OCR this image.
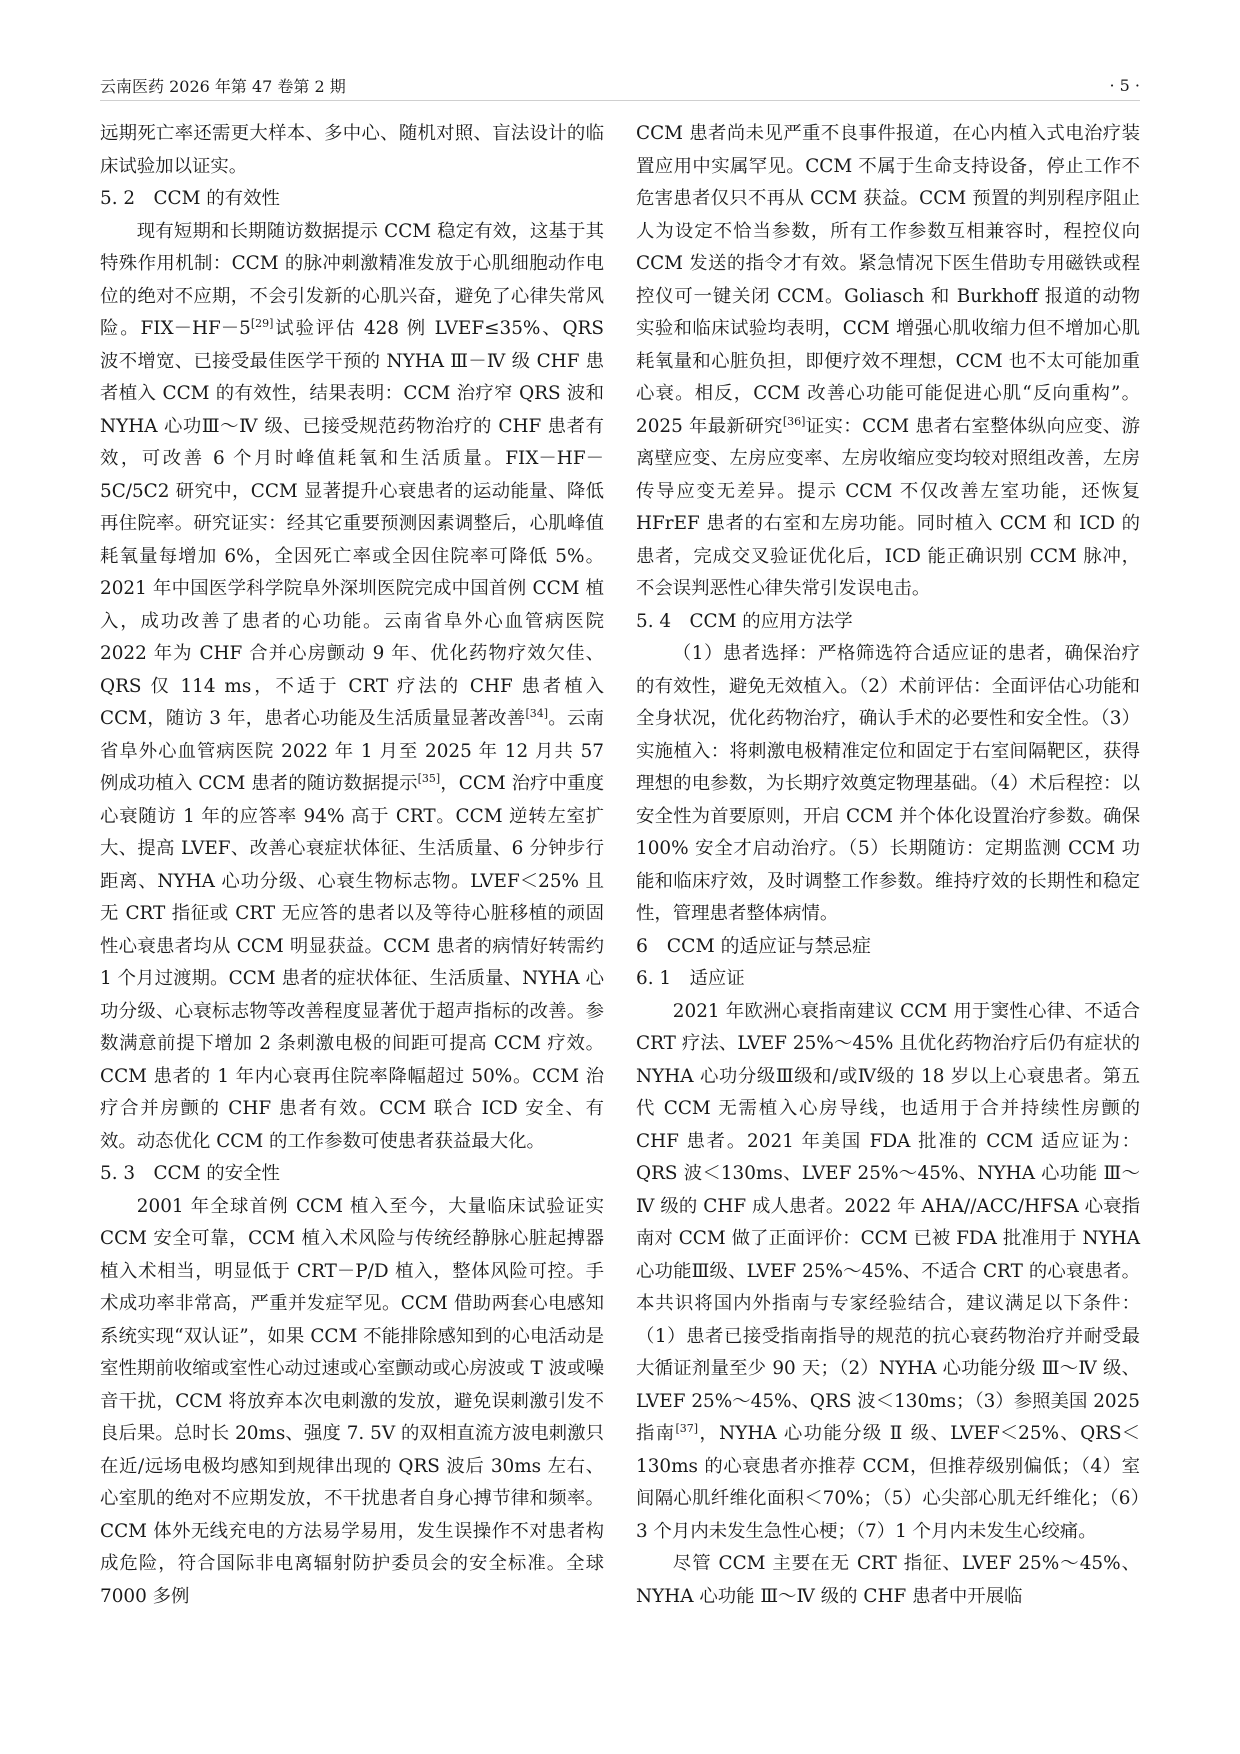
云南医药 2026 年第 47 卷第 2 期	· 5 ·

远期死亡率还需更大样本、多中心、随机对照、盲法设计的临床试验加以证实。

5. 2　CCM 的有效性

现有短期和长期随访数据提示 CCM 稳定有效，这基于其特殊作用机制：CCM 的脉冲刺激精准发放于心肌细胞动作电位的绝对不应期，不会引发新的心肌兴奋，避免了心律失常风险。FIX－HF－5[29]试验评估 428 例 LVEF≤35%、QRS 波不增宽、已接受最佳医学干预的 NYHA Ⅲ－Ⅳ 级 CHF 患者植入 CCM 的有效性，结果表明：CCM 治疗窄 QRS 波和 NYHA 心功Ⅲ～Ⅳ 级、已接受规范药物治疗的 CHF 患者有效，可改善 6 个月时峰值耗氧和生活质量。FIX－HF－5C/5C2 研究中，CCM 显著提升心衰患者的运动能量、降低再住院率。研究证实：经其它重要预测因素调整后，心肌峰值耗氧量每增加 6%，全因死亡率或全因住院率可降低 5%。2021 年中国医学科学院阜外深圳医院完成中国首例 CCM 植入，成功改善了患者的心功能。云南省阜外心血管病医院 2022 年为 CHF 合并心房颤动 9 年、优化药物疗效欠佳、QRS 仅 114 ms，不适于 CRT 疗法的 CHF 患者植入 CCM，随访 3 年，患者心功能及生活质量显著改善[34]。云南省阜外心血管病医院 2022 年 1 月至 2025 年 12 月共 57 例成功植入 CCM 患者的随访数据提示[35]，CCM 治疗中重度心衰随访 1 年的应答率 94% 高于 CRT。CCM 逆转左室扩大、提高 LVEF、改善心衰症状体征、生活质量、6 分钟步行距离、NYHA 心功分级、心衰生物标志物。LVEF＜25% 且无 CRT 指征或 CRT 无应答的患者以及等待心脏移植的顽固性心衰患者均从 CCM 明显获益。CCM 患者的病情好转需约 1 个月过渡期。CCM 患者的症状体征、生活质量、NYHA 心功分级、心衰标志物等改善程度显著优于超声指标的改善。参数满意前提下增加 2 条刺激电极的间距可提高 CCM 疗效。CCM 患者的 1 年内心衰再住院率降幅超过 50%。CCM 治疗合并房颤的 CHF 患者有效。CCM 联合 ICD 安全、有效。动态优化 CCM 的工作参数可使患者获益最大化。

5. 3　CCM 的安全性

2001 年全球首例 CCM 植入至今，大量临床试验证实 CCM 安全可靠，CCM 植入术风险与传统经静脉心脏起搏器植入术相当，明显低于 CRT－P/D 植入，整体风险可控。手术成功率非常高，严重并发症罕见。CCM 借助两套心电感知系统实现“双认证”，如果 CCM 不能排除感知到的心电活动是室性期前收缩或室性心动过速或心室颤动或心房波或 T 波或噪音干扰，CCM 将放弃本次电刺激的发放，避免误刺激引发不良后果。总时长 20ms、强度 7. 5V 的双相直流方波电刺激只在近/远场电极均感知到规律出现的 QRS 波后 30ms 左右、心室肌的绝对不应期发放，不干扰患者自身心搏节律和频率。CCM 体外无线充电的方法易学易用，发生误操作不对患者构成危险，符合国际非电离辐射防护委员会的安全标准。全球 7000 多例

CCM 患者尚未见严重不良事件报道，在心内植入式电治疗装置应用中实属罕见。CCM 不属于生命支持设备，停止工作不危害患者仅只不再从 CCM 获益。CCM 预置的判别程序阻止人为设定不恰当参数，所有工作参数互相兼容时，程控仪向 CCM 发送的指令才有效。紧急情况下医生借助专用磁铁或程控仪可一键关闭 CCM。Goliasch 和 Burkhoff 报道的动物实验和临床试验均表明，CCM 增强心肌收缩力但不增加心肌耗氧量和心脏负担，即便疗效不理想，CCM 也不太可能加重心衰。相反，CCM 改善心功能可能促进心肌“反向重构”。2025 年最新研究[36]证实：CCM 患者右室整体纵向应变、游离壁应变、左房应变率、左房收缩应变均较对照组改善，左房传导应变无差异。提示 CCM 不仅改善左室功能，还恢复 HFrEF 患者的右室和左房功能。同时植入 CCM 和 ICD 的患者，完成交叉验证优化后，ICD 能正确识别 CCM 脉冲，不会误判恶性心律失常引发误电击。

5. 4　CCM 的应用方法学

（1）患者选择：严格筛选符合适应证的患者，确保治疗的有效性，避免无效植入。（2）术前评估：全面评估心功能和全身状况，优化药物治疗，确认手术的必要性和安全性。（3）实施植入：将刺激电极精准定位和固定于右室间隔靶区，获得理想的电参数，为长期疗效奠定物理基础。（4）术后程控：以安全性为首要原则，开启 CCM 并个体化设置治疗参数。确保 100% 安全才启动治疗。（5）长期随访：定期监测 CCM 功能和临床疗效，及时调整工作参数。维持疗效的长期性和稳定性，管理患者整体病情。

6　CCM 的适应证与禁忌症
6. 1　适应证

2021 年欧洲心衰指南建议 CCM 用于窦性心律、不适合 CRT 疗法、LVEF 25%～45% 且优化药物治疗后仍有症状的 NYHA 心功分级Ⅲ级和/或Ⅳ级的 18 岁以上心衰患者。第五代 CCM 无需植入心房导线，也适用于合并持续性房颤的 CHF 患者。2021 年美国 FDA 批准的 CCM 适应证为：QRS 波＜130ms、LVEF 25%～45%、NYHA 心功能 Ⅲ～Ⅳ 级的 CHF 成人患者。2022 年 AHA//ACC/HFSA 心衰指南对 CCM 做了正面评价：CCM 已被 FDA 批准用于 NYHA 心功能Ⅲ级、LVEF 25%～45%、不适合 CRT 的心衰患者。本共识将国内外指南与专家经验结合，建议满足以下条件：（1）患者已接受指南指导的规范的抗心衰药物治疗并耐受最大循证剂量至少 90 天；（2）NYHA 心功能分级 Ⅲ～Ⅳ 级、LVEF 25%～45%、QRS 波＜130ms；（3）参照美国 2025 指南[37]，NYHA 心功能分级 Ⅱ 级、LVEF＜25%、QRS＜130ms 的心衰患者亦推荐 CCM，但推荐级别偏低；（4）室间隔心肌纤维化面积＜70%；（5）心尖部心肌无纤维化；（6）3 个月内未发生急性心梗；（7）1 个月内未发生心绞痛。

尽管 CCM 主要在无 CRT 指征、LVEF 25%～45%、NYHA 心功能 Ⅲ～Ⅳ 级的 CHF 患者中开展临
